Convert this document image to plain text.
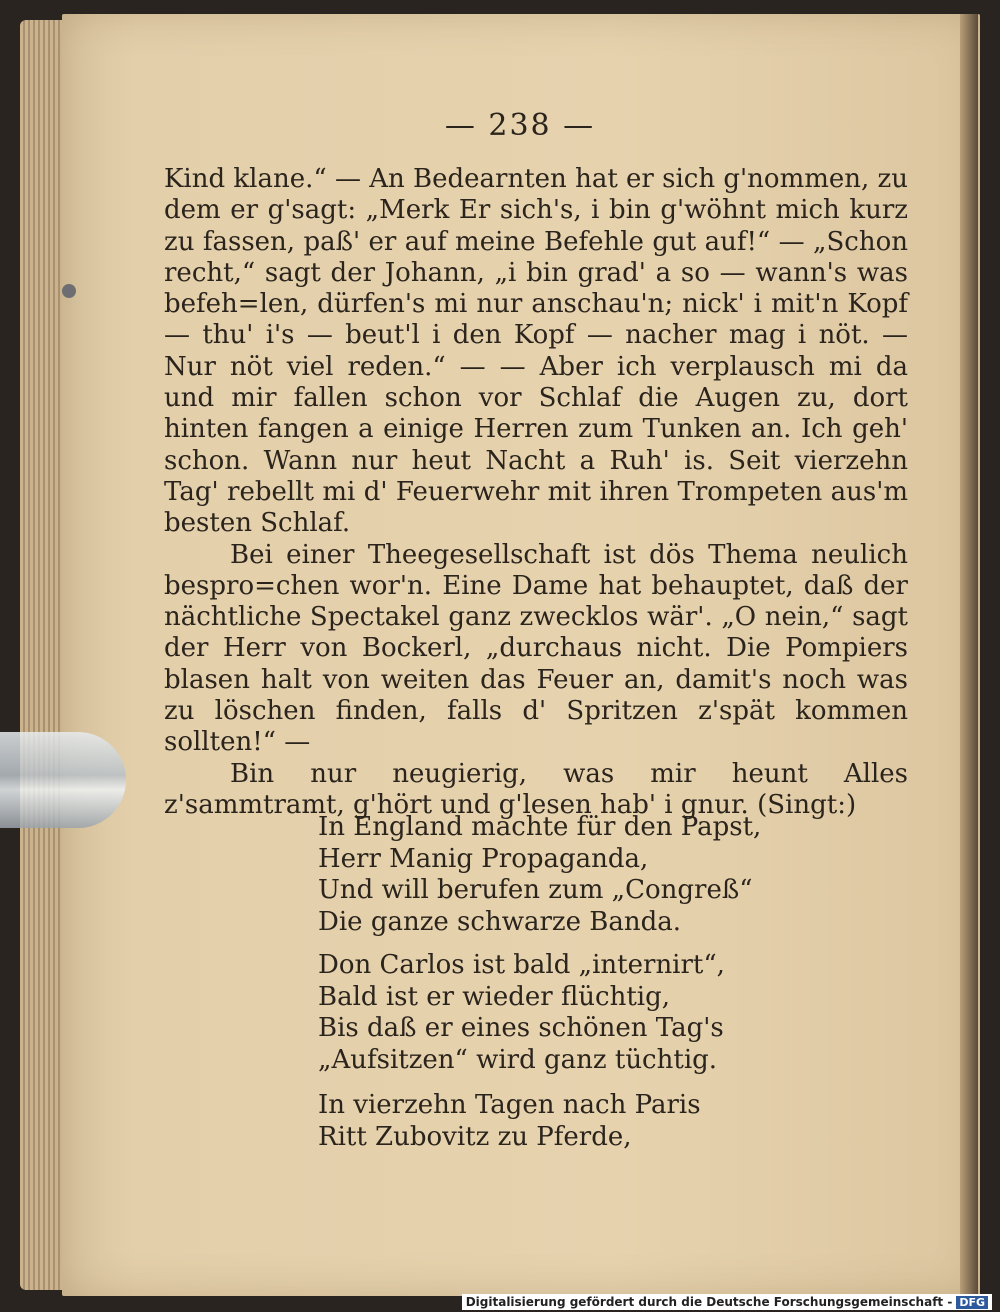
— 238 —

Kind klane.“ — An Bedearnten hat er sich g'nommen, zu dem er g'sagt: „Merk Er sich's, i bin g'wöhnt mich kurz zu fassen, paß' er auf meine Befehle gut auf!“ — „Schon recht,“ sagt der Johann, „i bin grad' a so — wann's was befeh=len, dürfen's mi nur anschau'n; nick' i mit'n Kopf — thu' i's — beut'l i den Kopf — nacher mag i nöt. — Nur nöt viel reden.“ — — Aber ich verplausch mi da und mir fallen schon vor Schlaf die Augen zu, dort hinten fangen a einige Herren zum Tunken an. Ich geh' schon. Wann nur heut Nacht a Ruh' is. Seit vierzehn Tag' rebellt mi d' Feuerwehr mit ihren Trompeten aus'm besten Schlaf.

Bei einer Theegesellschaft ist dös Thema neulich bespro=chen wor'n. Eine Dame hat behauptet, daß der nächtliche Spectakel ganz zwecklos wär'. „O nein,“ sagt der Herr von Bockerl, „durchaus nicht. Die Pompiers blasen halt von weiten das Feuer an, damit's noch was zu löschen finden, falls d' Spritzen z'spät kommen sollten!“ —

Bin nur neugierig, was mir heunt Alles z'sammtramt, g'hört und g'lesen hab' i gnur. (Singt:)

In England machte für den Papst,
Herr Manig Propaganda,
Und will berufen zum „Congreß“
Die ganze schwarze Banda.
Don Carlos ist bald „internirt“,
Bald ist er wieder flüchtig,
Bis daß er eines schönen Tag's
„Aufsitzen“ wird ganz tüchtig.
In vierzehn Tagen nach Paris
Ritt Zubovitz zu Pferde,
Digitalisierung gefördert durch die Deutsche Forschungsgemeinschaft - DFG
